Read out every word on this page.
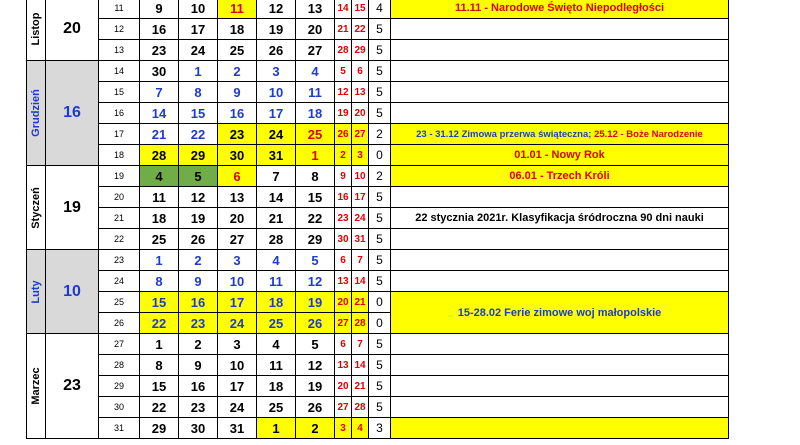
Listop	20	11	9	10	11	12	13	14	15	4	11.11 - Narodowe Święto Niepodległości
		12	16	17	18	19	20	21	22	5	
		13	23	24	25	26	27	28	29	5	

Grudzień	16	14	30	1	2	3	4	5	6	5	
		15	7	8	9	10	11	12	13	5	
		16	14	15	16	17	18	19	20	5	
		17	21	22	23	24	25	26	27	2	23 - 31.12 Zimowa przerwa świąteczna; 25.12 - Boże Narodzenie
		18	28	29	30	31	1	2	3	0	01.01 - Nowy Rok

Styczeń	19	19	4	5	6	7	8	9	10	2	06.01 - Trzech Króli
		20	11	12	13	14	15	16	17	5	
		21	18	19	20	21	22	23	24	5	22 stycznia 2021r. Klasyfikacja śródroczna 90 dni nauki
		22	25	26	27	28	29	30	31	5	

Luty	10	23	1	2	3	4	5	6	7	5	
		24	8	9	10	11	12	13	14	5	
		25	15	16	17	18	19	20	21	0	15-28.02 Ferie zimowe woj małopolskie
		26	22	23	24	25	26	27	28	0	

Marzec	23	27	1	2	3	4	5	6	7	5	
		28	8	9	10	11	12	13	14	5	
		29	15	16	17	18	19	20	21	5	
		30	22	23	24	25	26	27	28	5	
		31	29	30	31	1	2	3	4	3	
